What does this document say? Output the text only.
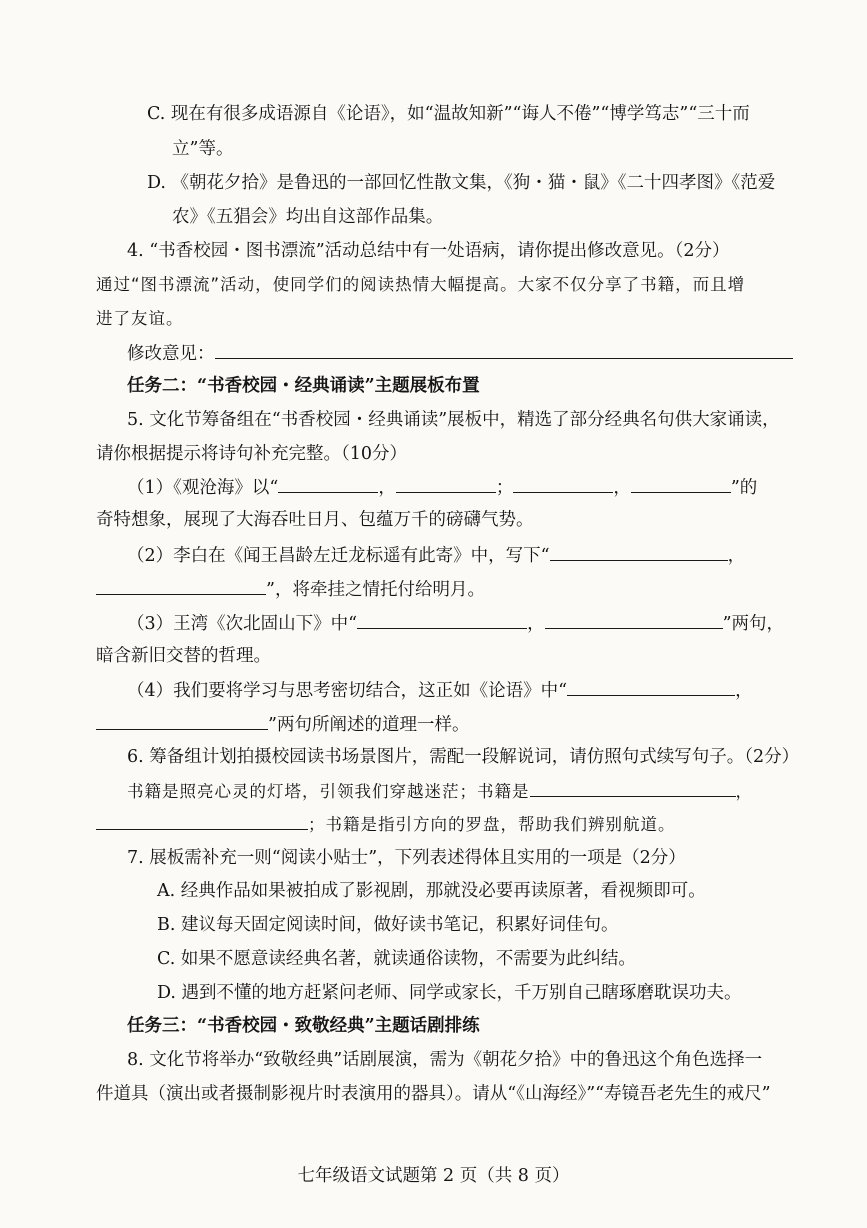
C. 现在有很多成语源自《论语》，如“温故知新”“诲人不倦”“博学笃志”“三十而
立”等。
D. 《朝花夕拾》是鲁迅的一部回忆性散文集，《狗・猫・鼠》《二十四孝图》《范爱
农》《五猖会》均出自这部作品集。
4. “书香校园・图书漂流”活动总结中有一处语病，请你提出修改意见。（2分）
通过“图书漂流”活动，使同学们的阅读热情大幅提高。大家不仅分享了书籍，而且增
进了友谊。
修改意见：
任务二：“书香校园・经典诵读”主题展板布置
5. 文化节筹备组在“书香校园・经典诵读”展板中，精选了部分经典名句供大家诵读，
请你根据提示将诗句补充完整。（10分）
（1）《观沧海》以“	，	；	，	”的
奇特想象，展现了大海吞吐日月、包蕴万千的磅礴气势。
（2）李白在《闻王昌龄左迁龙标遥有此寄》中，写下“	，
”，将牵挂之情托付给明月。
（3）王湾《次北固山下》中“	，	”两句，
暗含新旧交替的哲理。
（4）我们要将学习与思考密切结合，这正如《论语》中“	，
”两句所阐述的道理一样。
6. 筹备组计划拍摄校园读书场景图片，需配一段解说词，请仿照句式续写句子。（2分）
书籍是照亮心灵的灯塔，引领我们穿越迷茫；书籍是	，
；书籍是指引方向的罗盘，帮助我们辨别航道。
7. 展板需补充一则“阅读小贴士”，下列表述得体且实用的一项是（2分）
A. 经典作品如果被拍成了影视剧，那就没必要再读原著，看视频即可。
B. 建议每天固定阅读时间，做好读书笔记，积累好词佳句。
C. 如果不愿意读经典名著，就读通俗读物，不需要为此纠结。
D. 遇到不懂的地方赶紧问老师、同学或家长，千万别自己瞎琢磨耽误功夫。
任务三：“书香校园・致敬经典”主题话剧排练
8. 文化节将举办“致敬经典”话剧展演，需为《朝花夕拾》中的鲁迅这个角色选择一
件道具（演出或者摄制影视片时表演用的器具）。请从“《山海经》”“寿镜吾老先生的戒尺”
七年级语文试题第 2 页（共 8 页）
